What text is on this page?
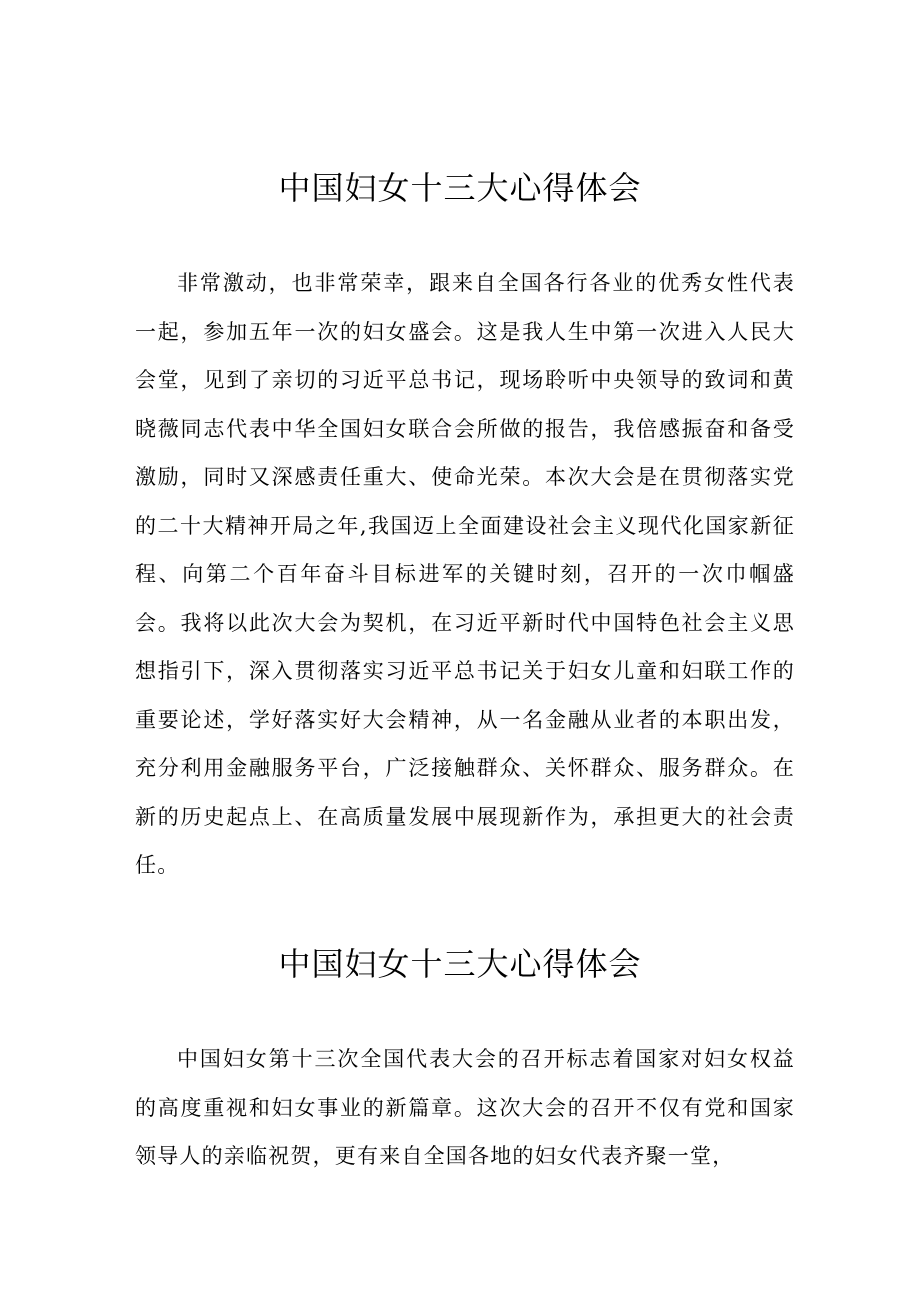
中国妇女十三大心得体会

非常激动，也非常荣幸，跟来自全国各行各业的优秀女性代表一起，参加五年一次的妇女盛会。这是我人生中第一次进入人民大会堂，见到了亲切的习近平总书记，现场聆听中央领导的致词和黄晓薇同志代表中华全国妇女联合会所做的报告，我倍感振奋和备受激励，同时又深感责任重大、使命光荣。本次大会是在贯彻落实党的二十大精神开局之年,我国迈上全面建设社会主义现代化国家新征程、向第二个百年奋斗目标进军的关键时刻，召开的一次巾帼盛会。我将以此次大会为契机，在习近平新时代中国特色社会主义思想指引下，深入贯彻落实习近平总书记关于妇女儿童和妇联工作的重要论述，学好落实好大会精神，从一名金融从业者的本职出发，充分利用金融服务平台，广泛接触群众、关怀群众、服务群众。在新的历史起点上、在高质量发展中展现新作为，承担更大的社会责任。

中国妇女十三大心得体会

中国妇女第十三次全国代表大会的召开标志着国家对妇女权益的高度重视和妇女事业的新篇章。这次大会的召开不仅有党和国家领导人的亲临祝贺，更有来自全国各地的妇女代表齐聚一堂，
